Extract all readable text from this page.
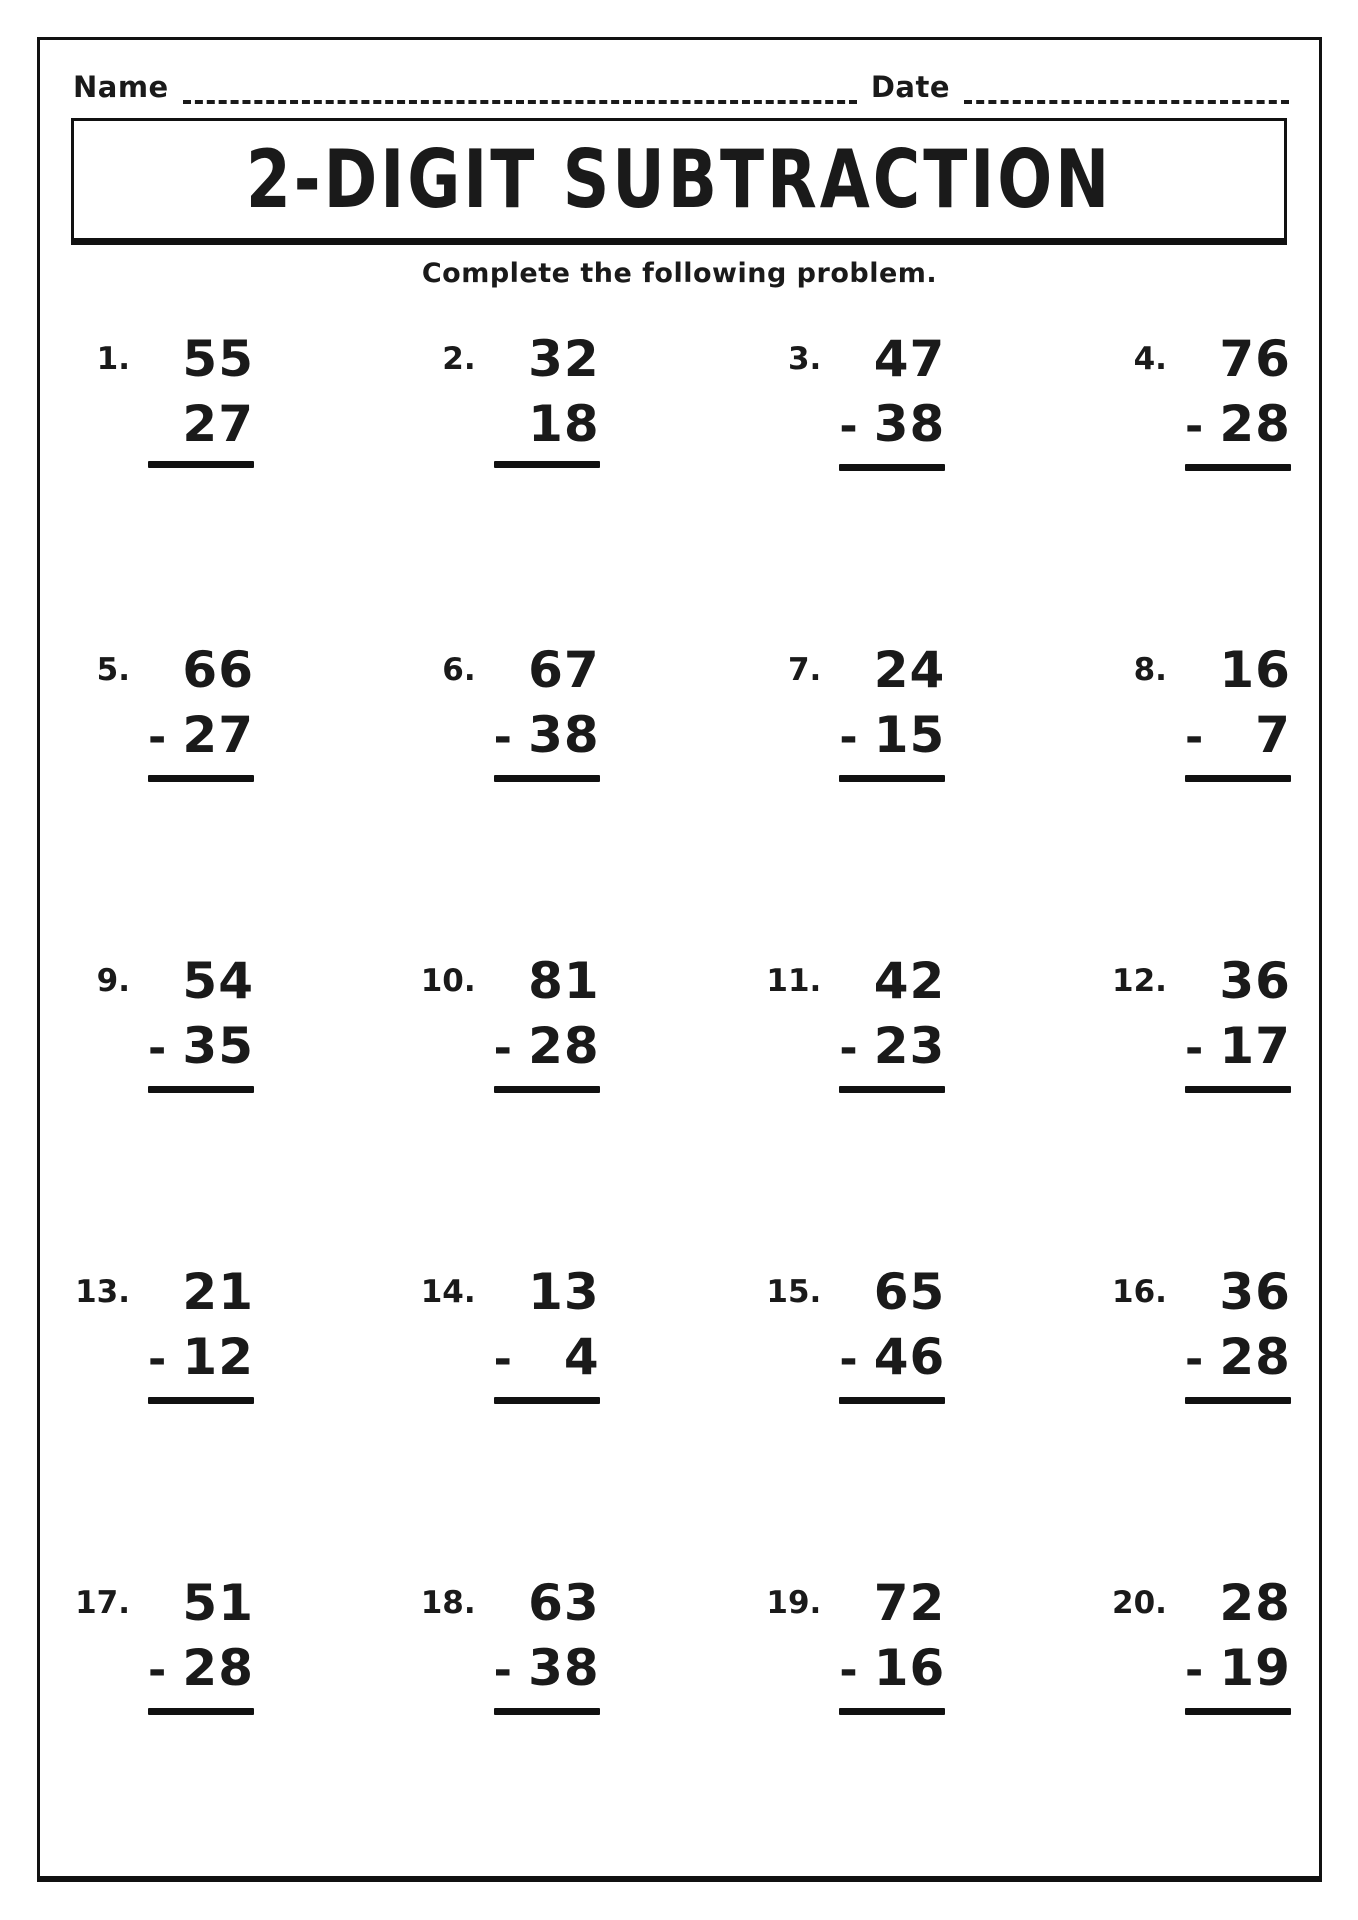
Name	Date
2-DIGIT SUBTRACTION
Complete the following problem.
1.	55
27
2.	32
18
3.	47
- 38
4.	76
- 28
5.	66
- 27
6.	67
- 38
7.	24
- 15
8.	16
- 7
9.	54
- 35
10.	81
- 28
11.	42
- 23
12.	36
- 17
13.	21
- 12
14.	13
- 4
15.	65
- 46
16.	36
- 28
17.	51
- 28
18.	63
- 38
19.	72
- 16
20.	28
- 19
